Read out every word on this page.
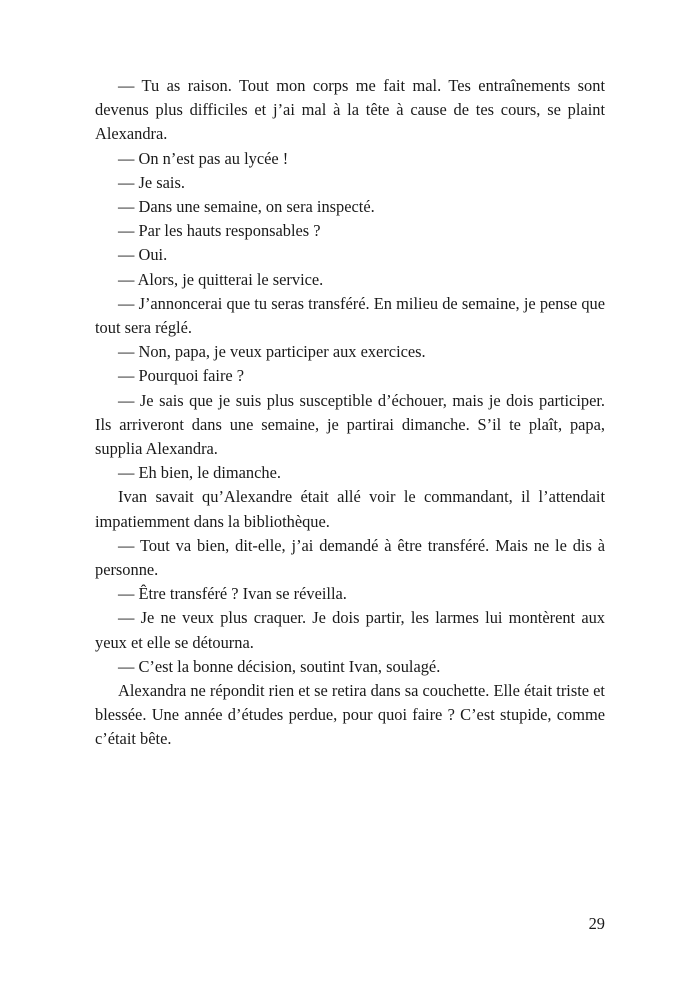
— Tu as raison. Tout mon corps me fait mal. Tes entraînements sont devenus plus difficiles et j’ai mal à la tête à cause de tes cours, se plaint Alexandra.

— On n’est pas au lycée !

— Je sais.

— Dans une semaine, on sera inspecté.

— Par les hauts responsables ?

— Oui.

— Alors, je quitterai le service.

— J’annoncerai que tu seras transféré. En milieu de semaine, je pense que tout sera réglé.

— Non, papa, je veux participer aux exercices.

— Pourquoi faire ?

— Je sais que je suis plus susceptible d’échouer, mais je dois participer. Ils arriveront dans une semaine, je partirai dimanche. S’il te plaît, papa, supplia Alexandra.

— Eh bien, le dimanche.

Ivan savait qu’Alexandre était allé voir le commandant, il l’attendait impatiemment dans la bibliothèque.

— Tout va bien, dit-elle, j’ai demandé à être transféré. Mais ne le dis à personne.

— Être transféré ? Ivan se réveilla.

— Je ne veux plus craquer. Je dois partir, les larmes lui montèrent aux yeux et elle se détourna.

— C’est la bonne décision, soutint Ivan, soulagé.

Alexandra ne répondit rien et se retira dans sa couchette. Elle était triste et blessée. Une année d’études perdue, pour quoi faire ? C’est stupide, comme c’était bête.

29
